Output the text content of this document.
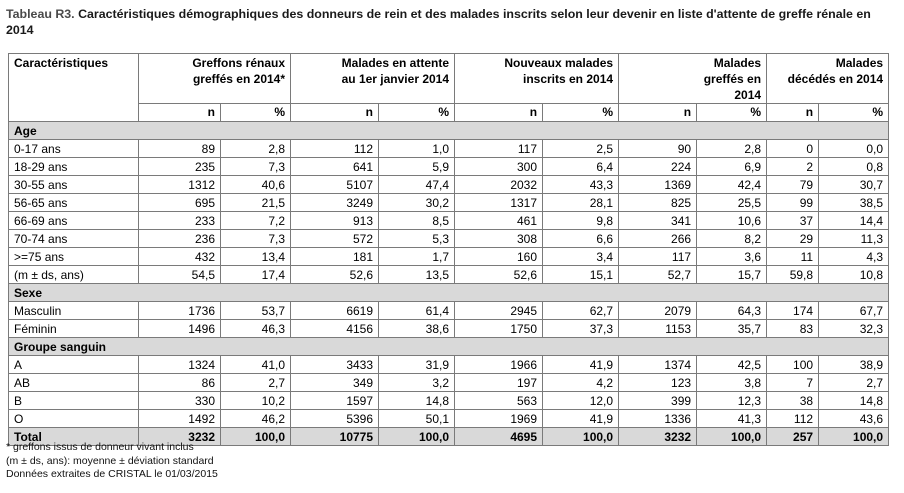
Tableau R3. Caractéristiques démographiques des donneurs de rein et des malades inscrits selon leur devenir en liste d'attente de greffe rénale en 2014
Caractéristiques	Greffons rénaux greffés en 2014*		Malades en attente au 1er janvier 2014		Nouveaux malades inscrits en 2014		Malades greffés en 2014		Malades décédés en 2014	
	n	%	n	%	n	%	n	%	n	%
Age										
0-17 ans	89	2,8	112	1,0	117	2,5	90	2,8	0	0,0
18-29 ans	235	7,3	641	5,9	300	6,4	224	6,9	2	0,8
30-55 ans	1312	40,6	5107	47,4	2032	43,3	1369	42,4	79	30,7
56-65 ans	695	21,5	3249	30,2	1317	28,1	825	25,5	99	38,5
66-69 ans	233	7,2	913	8,5	461	9,8	341	10,6	37	14,4
70-74 ans	236	7,3	572	5,3	308	6,6	266	8,2	29	11,3
>=75 ans	432	13,4	181	1,7	160	3,4	117	3,6	11	4,3
(m ± ds, ans)	54,5	17,4	52,6	13,5	52,6	15,1	52,7	15,7	59,8	10,8
Sexe										
Masculin	1736	53,7	6619	61,4	2945	62,7	2079	64,3	174	67,7
Féminin	1496	46,3	4156	38,6	1750	37,3	1153	35,7	83	32,3
Groupe sanguin										
A	1324	41,0	3433	31,9	1966	41,9	1374	42,5	100	38,9
AB	86	2,7	349	3,2	197	4,2	123	3,8	7	2,7
B	330	10,2	1597	14,8	563	12,0	399	12,3	38	14,8
O	1492	46,2	5396	50,1	1969	41,9	1336	41,3	112	43,6
Total	3232	100,0	10775	100,0	4695	100,0	3232	100,0	257	100,0
* greffons issus de donneur vivant inclus
(m ± ds, ans): moyenne ± déviation standard
Données extraites de CRISTAL le 01/03/2015
